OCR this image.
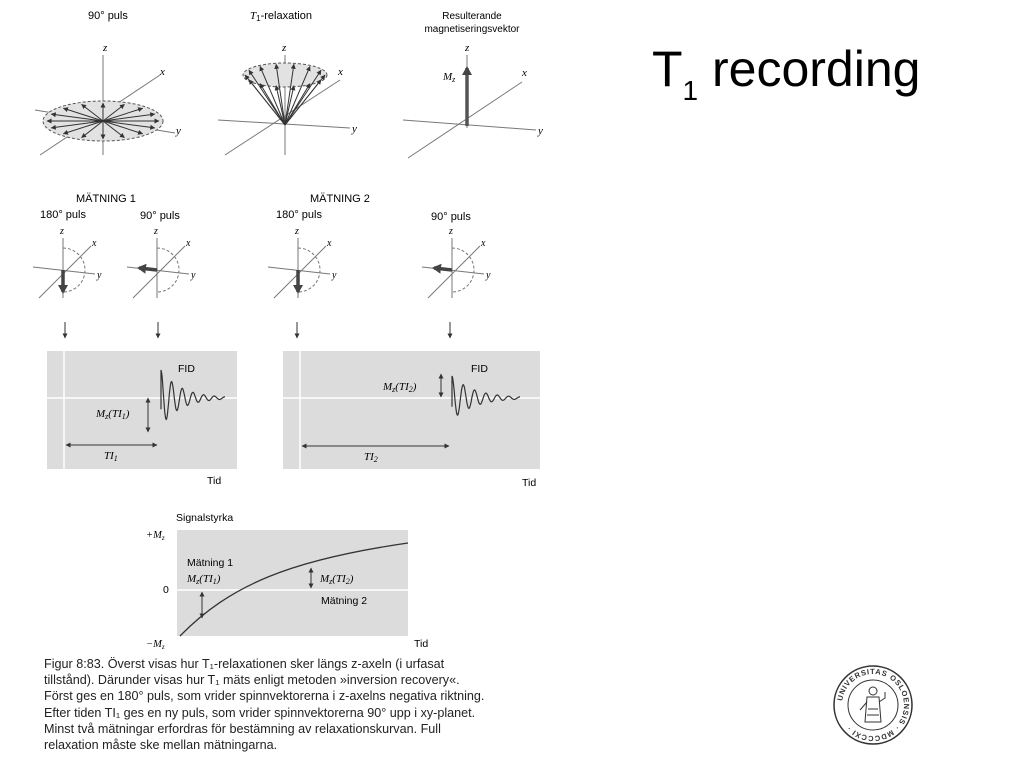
$T_1$ recording
90° puls
z
x
y
T1-relaxation
z
x
y
Resulterande
magnetiseringsvektor
z
x
y
Mz
MÄTNING 1	MÄTNING 2
180° puls	90° puls	180° puls	90° puls
z
x
y
z
x
y
z
x
y
z
x
y
FID
Mz(TI1)
TI1
Tid
FID
Mz(TI2)
TI2
Tid
Signalstyrka
+Mz
0
−Mz	Tid
Mätning 1
Mz(TI1)	Mz(TI2)
Mätning 2

Figur 8:83. Överst visas hur T₁-relaxationen sker längs z-axeln (i urfasat

tillstånd). Därunder visas hur T₁ mäts enligt metoden »inversion recovery«.

Först ges en 180° puls, som vrider spinnvektorerna i z-axelns negativa riktning.

Efter tiden TI₁ ges en ny puls, som vrider spinnvektorerna 90° upp i xy-planet.

Minst två mätningar erfordras för bestämning av relaxationskurvan. Full

relaxation måste ske mellan mätningarna.

UNIVERSITAS OSLOENSIS · MDCCCXI ·
